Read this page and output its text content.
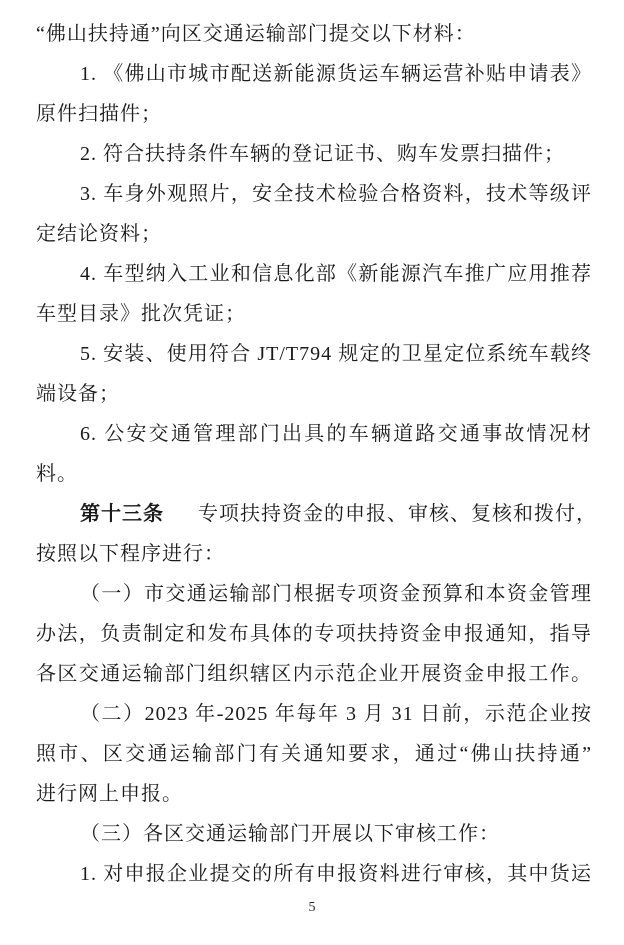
“佛山扶持通”向区交通运输部门提交以下材料：
1. 《佛山市城市配送新能源货运车辆运营补贴申请表》
原件扫描件；
2. 符合扶持条件车辆的登记证书、购车发票扫描件；
3. 车身外观照片，安全技术检验合格资料，技术等级评
定结论资料；
4. 车型纳入工业和信息化部《新能源汽车推广应用推荐
车型目录》批次凭证；
5. 安装、使用符合 JT/T794 规定的卫星定位系统车载终
端设备；
6. 公安交通管理部门出具的车辆道路交通事故情况材
料。
第十三条 专项扶持资金的申报、审核、复核和拨付，
按照以下程序进行：
（一）市交通运输部门根据专项资金预算和本资金管理
办法，负责制定和发布具体的专项扶持资金申报通知，指导
各区交通运输部门组织辖区内示范企业开展资金申报工作。
（二）2023 年-2025 年每年 3 月 31 日前，示范企业按
照市、区交通运输部门有关通知要求，通过“佛山扶持通”
进行网上申报。
（三）各区交通运输部门开展以下审核工作：
1. 对申报企业提交的所有申报资料进行审核，其中货运
5
